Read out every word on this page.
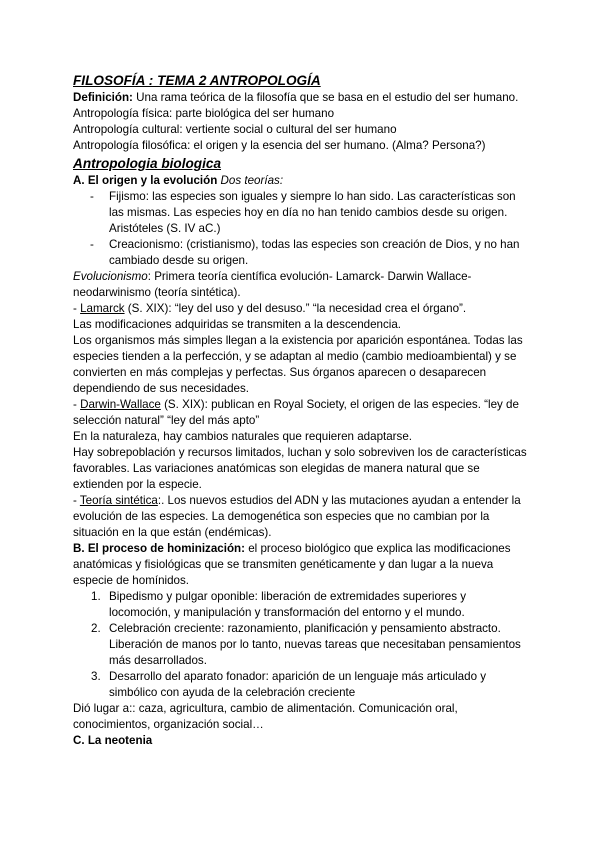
FILOSOFÍA : TEMA 2 ANTROPOLOGÍA

Definición: Una rama teórica de la filosofía que se basa en el estudio del ser humano. Antropología física: parte biológica del ser humano

Antropología cultural: vertiente social o cultural del ser humano

Antropología filosófica: el origen y la esencia del ser humano. (Alma? Persona?)

Antropologia biologica

A. El origen y la evolución Dos teorías:

- Fijismo: las especies son iguales y siempre lo han sido. Las características son las mismas. Las especies hoy en día no han tenido cambios desde su origen. Aristóteles (S. IV aC.)
- Creacionismo: (cristianismo), todas las especies son creación de Dios, y no han cambiado desde su origen.

Evolucionismo: Primera teoría científica evolución- Lamarck- Darwin Wallace-neodarwinismo (teoría sintética).

- Lamarck (S. XIX): “ley del uso y del desuso.” “la necesidad crea el órgano”.

Las modificaciones adquiridas se transmiten a la descendencia.

Los organismos más simples llegan a la existencia por aparición espontánea. Todas las especies tienden a la perfección, y se adaptan al medio (cambio medioambiental) y se convierten en más complejas y perfectas. Sus órganos aparecen o desaparecen dependiendo de sus necesidades.

- Darwin-Wallace (S. XIX): publican en Royal Society, el origen de las especies. “ley de selección natural” “ley del más apto”

En la naturaleza, hay cambios naturales que requieren adaptarse.

Hay sobrepoblación y recursos limitados, luchan y solo sobreviven los de características favorables. Las variaciones anatómicas son elegidas de manera natural que se extienden por la especie.

- Teoría sintética:. Los nuevos estudios del ADN y las mutaciones ayudan a entender la evolución de las especies. La demogenética son especies que no cambian por la situación en la que están (endémicas).

B. El proceso de hominización: el proceso biológico que explica las modificaciones anatómicas y fisiológicas que se transmiten genéticamente y dan lugar a la nueva especie de homínidos.

1. Bipedismo y pulgar oponible: liberación de extremidades superiores y locomoción, y manipulación y transformación del entorno y el mundo.
2. Celebración creciente: razonamiento, planificación y pensamiento abstracto. Liberación de manos por lo tanto, nuevas tareas que necesitaban pensamientos más desarrollados.
3. Desarrollo del aparato fonador: aparición de un lenguaje más articulado y simbólico con ayuda de la celebración creciente

Dió lugar a:: caza, agricultura, cambio de alimentación. Comunicación oral, conocimientos, organización social…

C. La neotenia
